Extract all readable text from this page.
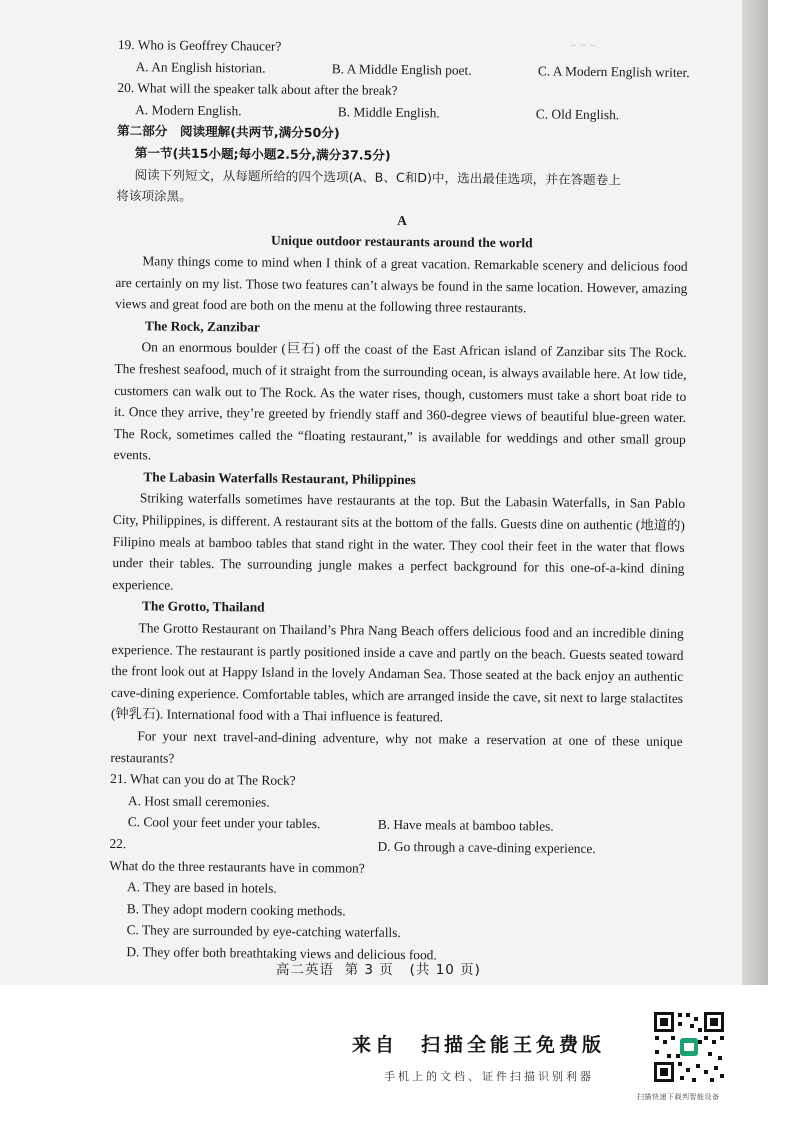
~ ~ ~
19. Who is Geoffrey Chaucer?
A. An English historian.	B. A Middle English poet.	C. A Modern English writer.
20. What will the speaker talk about after the break?
A. Modern English.	B. Middle English.	C. Old English.
第二部分　阅读理解(共两节,满分50分)
第一节(共15小题;每小题2.5分,满分37.5分)
阅读下列短文，从每题所给的四个选项(A、B、C和D)中，选出最佳选项，并在答题卷上
将该项涂黑。
A
Unique outdoor restaurants around the world

Many things come to mind when I think of a great vacation. Remarkable scenery and delicious food are certainly on my list. Those two features can’t always be found in the same location. However, amazing views and great food are both on the menu at the following three restaurants.

The Rock, Zanzibar

On an enormous boulder (巨石) off the coast of the East African island of Zanzibar sits The Rock. The freshest seafood, much of it straight from the surrounding ocean, is always available here. At low tide, customers can walk out to The Rock. As the water rises, though, customers must take a short boat ride to it. Once they arrive, they’re greeted by friendly staff and 360-degree views of beautiful blue-green water. The Rock, sometimes called the “floating restaurant,” is available for weddings and other small group events.

The Labasin Waterfalls Restaurant, Philippines

Striking waterfalls sometimes have restaurants at the top. But the Labasin Waterfalls, in San Pablo City, Philippines, is different. A restaurant sits at the bottom of the falls. Guests dine on authentic (地道的) Filipino meals at bamboo tables that stand right in the water. They cool their feet in the water that flows under their tables. The surrounding jungle makes a perfect background for this one-of-a-kind dining experience.

The Grotto, Thailand

The Grotto Restaurant on Thailand’s Phra Nang Beach offers delicious food and an incredible dining experience. The restaurant is partly positioned inside a cave and partly on the beach. Guests seated toward the front look out at Happy Island in the lovely Andaman Sea. Those seated at the back enjoy an authentic cave-dining experience. Comfortable tables, which are arranged inside the cave, sit next to large stalactites (钟乳石). International food with a Thai influence is featured.

For your next travel-and-dining adventure, why not make a reservation at one of these unique restaurants?

21. What can you do at The Rock?
A. Host small ceremonies.
C. Cool your feet under your tables.	B. Have meals at bamboo tables.
22. What do the three restaurants have in common?
D. Go through a cave-dining experience.
A. They are based in hotels.
B. They adopt modern cooking methods.
C. They are surrounded by eye-catching waterfalls.
D. They offer both breathtaking views and delicious food.
高二英语 第 3 页 (共 10 页)
来自　扫描全能王免费版
手机上的文档、证件扫描识别利器
扫描快速下载判智能设备
